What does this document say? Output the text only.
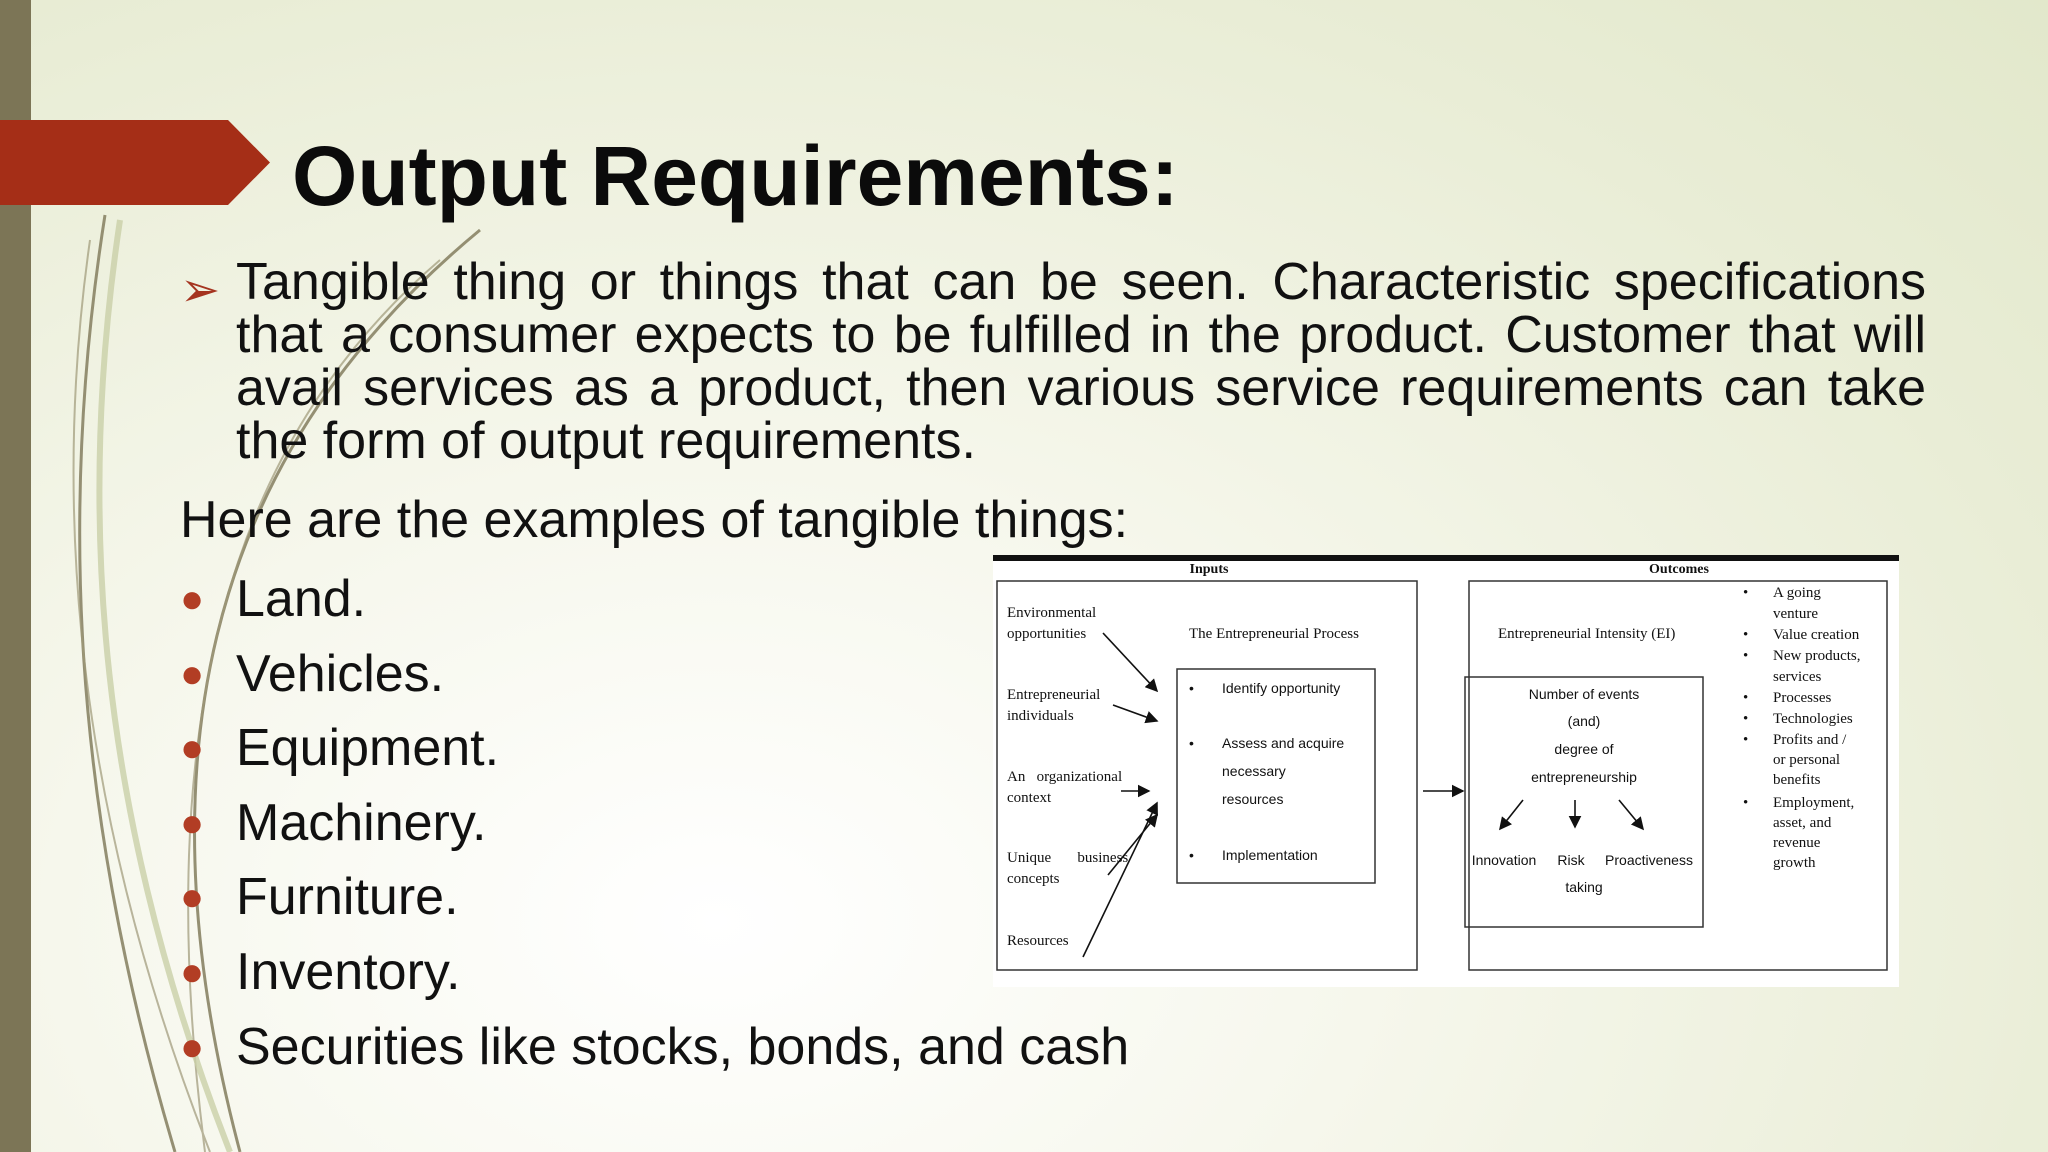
Output Requirements:
➢ Tangible thing or things that can be seen. Characteristic specifications that a consumer expects to be fulfilled in the product. Customer that will avail services as a product, then various service requirements can take the form of output requirements.
Here are the examples of tangible things:
● Land.
● Vehicles.
● Equipment.
● Machinery.
● Furniture.
● Inventory.
● Securities like stocks, bonds, and cash
Inputs	Outcomes
Environmental
opportunities
Entrepreneurial
individuals
An   organizational
context
Unique       business
concepts
Resources
The Entrepreneurial Process	Entrepreneurial Intensity (EI)
• Identify opportunity
• Assess and acquire
necessary
resources
• Implementation
Number of events
(and)
degree of
entrepreneurship
Innovation Risk Proactiveness
taking
• A going
venture
• Value creation
• New products,
services
• Processes
• Technologies
• Profits and /
or personal
benefits
• Employment,
asset, and
revenue
growth
